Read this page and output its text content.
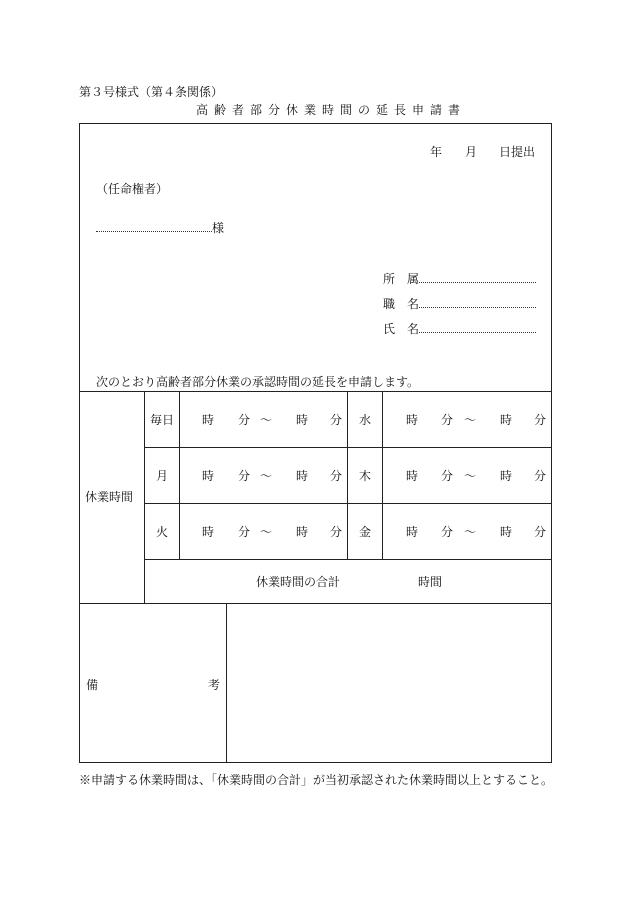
第３号様式（第４条関係）
高齢者部分休業時間の延長申請書
年 月 日提出
（任命権者）
様
所　属
職　名
氏　名
次のとおり高齢者部分休業の承認時間の延長を申請します。
休業時間
毎日 時 分 ～ 時 分 水	時 分 ～ 時 分
月	時 分 ～ 時 分 木	時 分 ～ 時 分
火	時 分 ～ 時 分 金	時 分 ～ 時 分
休業時間の合計	時間
備	考
※申請する休業時間は、「休業時間の合計」が当初承認された休業時間以上とすること。
